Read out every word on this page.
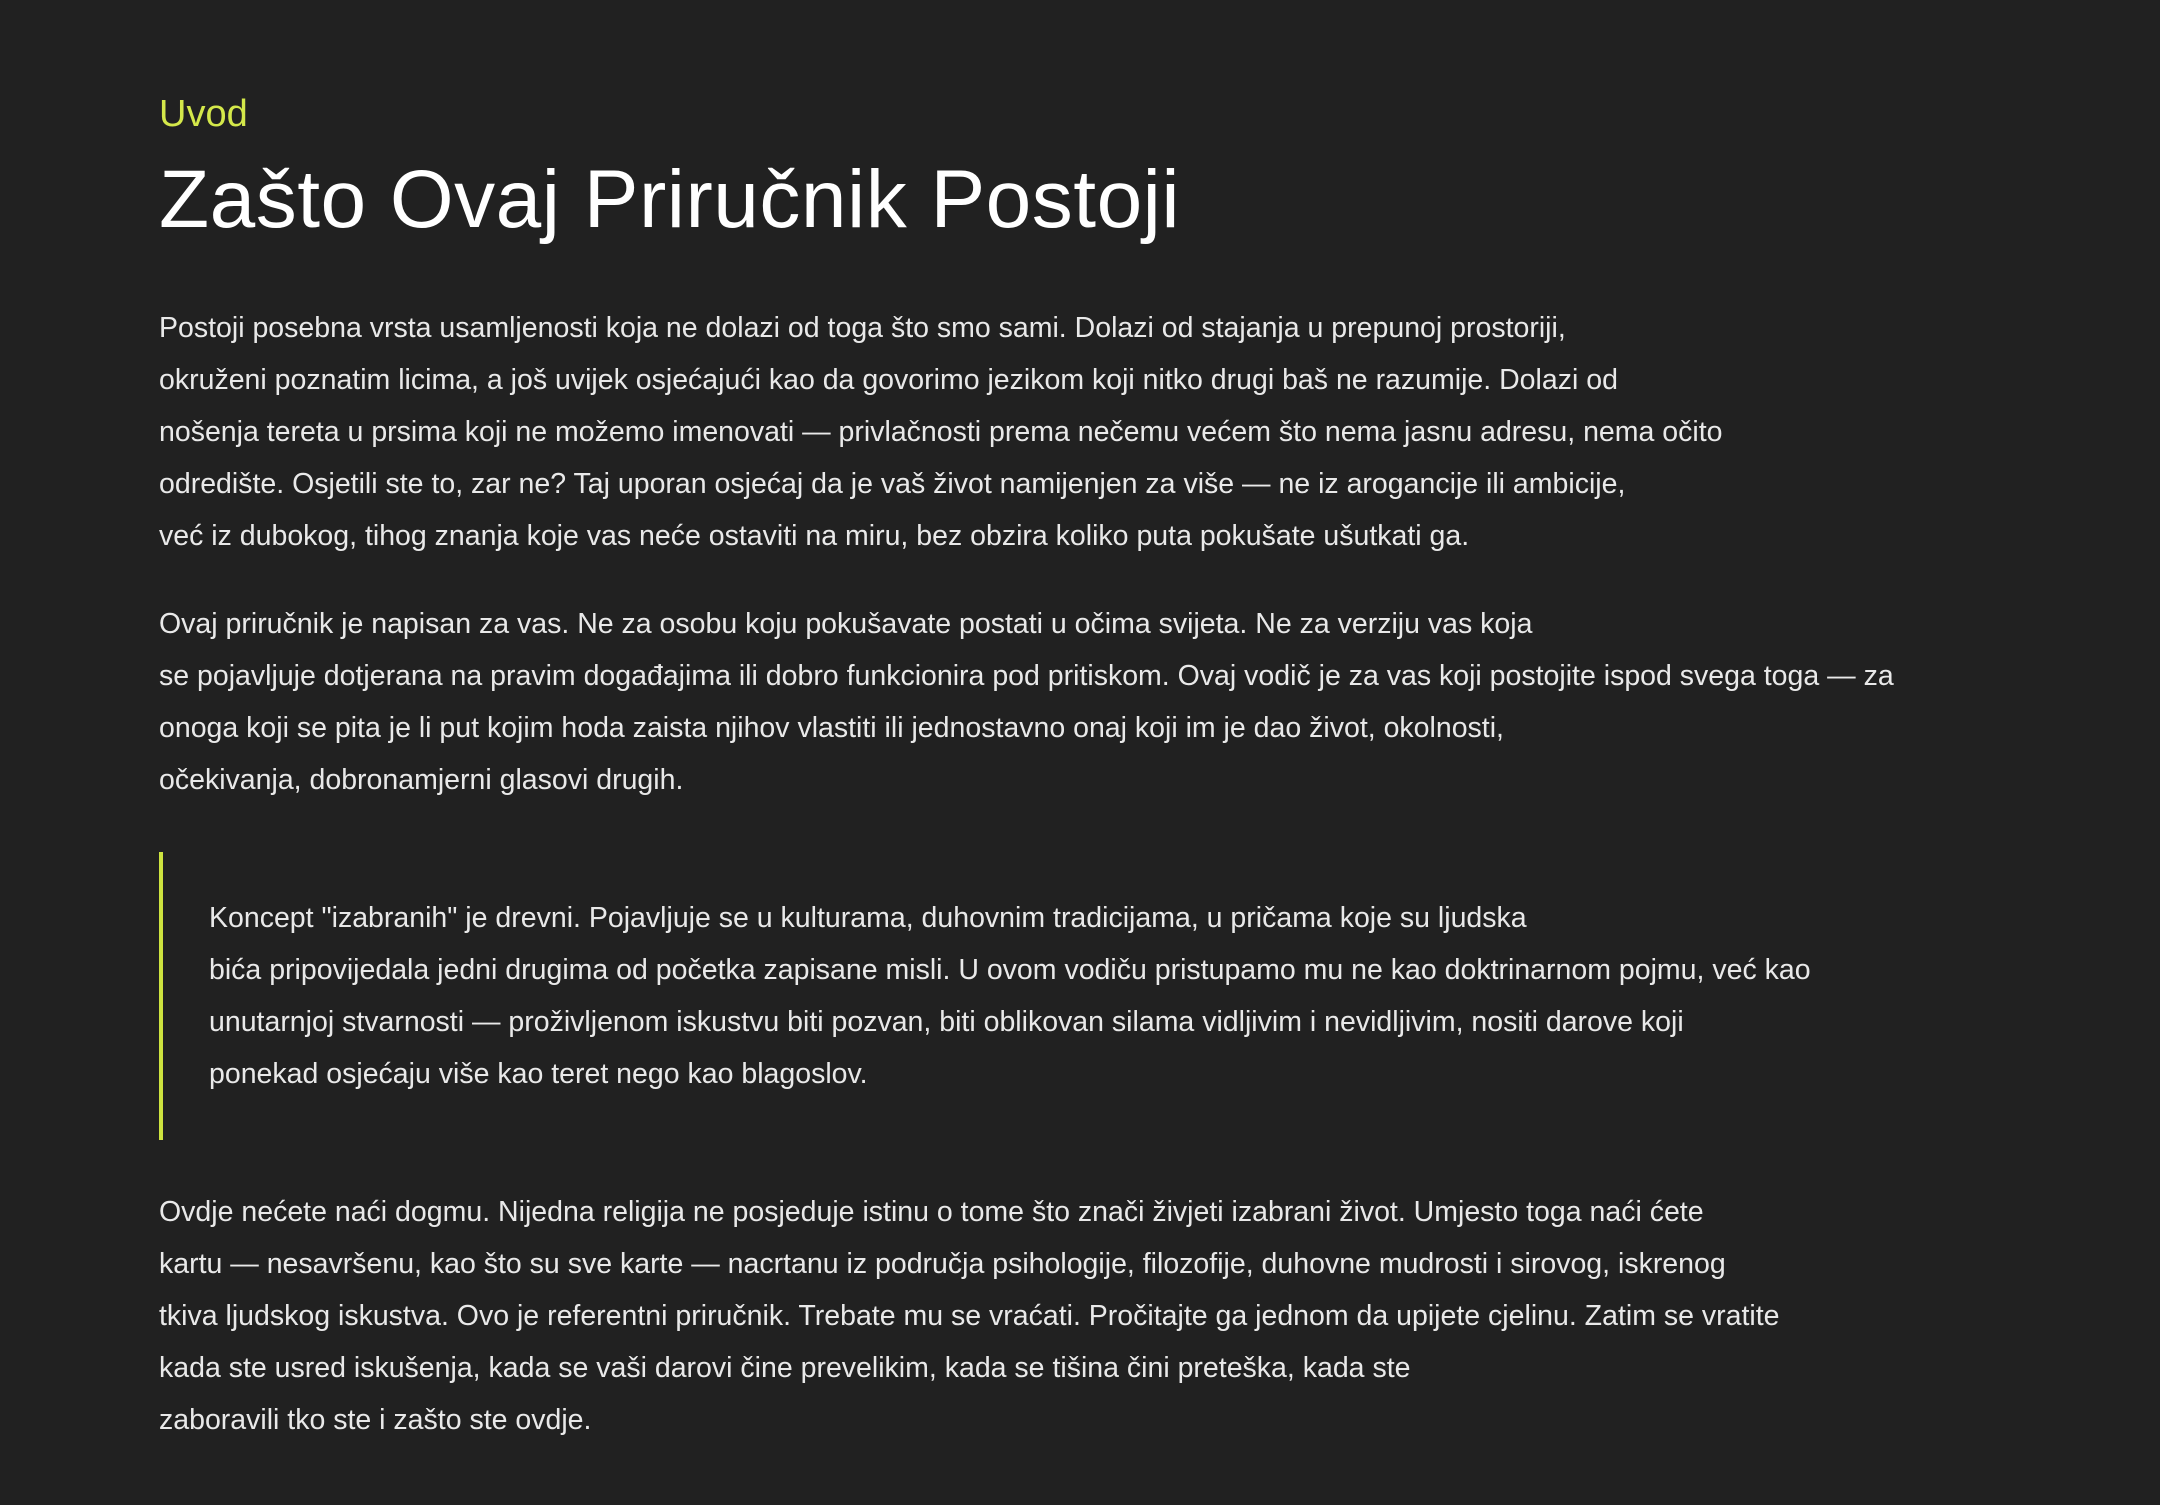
Uvod

Zašto Ovaj Priručnik Postoji

Postoji posebna vrsta usamljenosti koja ne dolazi od toga što smo sami. Dolazi od stajanja u prepunoj prostoriji,
okruženi poznatim licima, a još uvijek osjećajući kao da govorimo jezikom koji nitko drugi baš ne razumije. Dolazi od
nošenja tereta u prsima koji ne možemo imenovati — privlačnosti prema nečemu većem što nema jasnu adresu, nema očito
odredište. Osjetili ste to, zar ne? Taj uporan osjećaj da je vaš život namijenjen za više — ne iz arogancije ili ambicije,
već iz dubokog, tihog znanja koje vas neće ostaviti na miru, bez obzira koliko puta pokušate ušutkati ga.

Ovaj priručnik je napisan za vas. Ne za osobu koju pokušavate postati u očima svijeta. Ne za verziju vas koja
se pojavljuje dotjerana na pravim događajima ili dobro funkcionira pod pritiskom. Ovaj vodič je za vas koji postojite ispod svega toga — za
onoga koji se pita je li put kojim hoda zaista njihov vlastiti ili jednostavno onaj koji im je dao život, okolnosti,
očekivanja, dobronamjerni glasovi drugih.

Koncept "izabranih" je drevni. Pojavljuje se u kulturama, duhovnim tradicijama, u pričama koje su ljudska
bića pripovijedala jedni drugima od početka zapisane misli. U ovom vodiču pristupamo mu ne kao doktrinarnom pojmu, već kao
unutarnjoj stvarnosti — proživljenom iskustvu biti pozvan, biti oblikovan silama vidljivim i nevidljivim, nositi darove koji
ponekad osjećaju više kao teret nego kao blagoslov.

Ovdje nećete naći dogmu. Nijedna religija ne posjeduje istinu o tome što znači živjeti izabrani život. Umjesto toga naći ćete
kartu — nesavršenu, kao što su sve karte — nacrtanu iz područja psihologije, filozofije, duhovne mudrosti i sirovog, iskrenog
tkiva ljudskog iskustva. Ovo je referentni priručnik. Trebate mu se vraćati. Pročitajte ga jednom da upijete cjelinu. Zatim se vratite
kada ste usred iskušenja, kada se vaši darovi čine prevelikim, kada se tišina čini preteška, kada ste
zaboravili tko ste i zašto ste ovdje.
